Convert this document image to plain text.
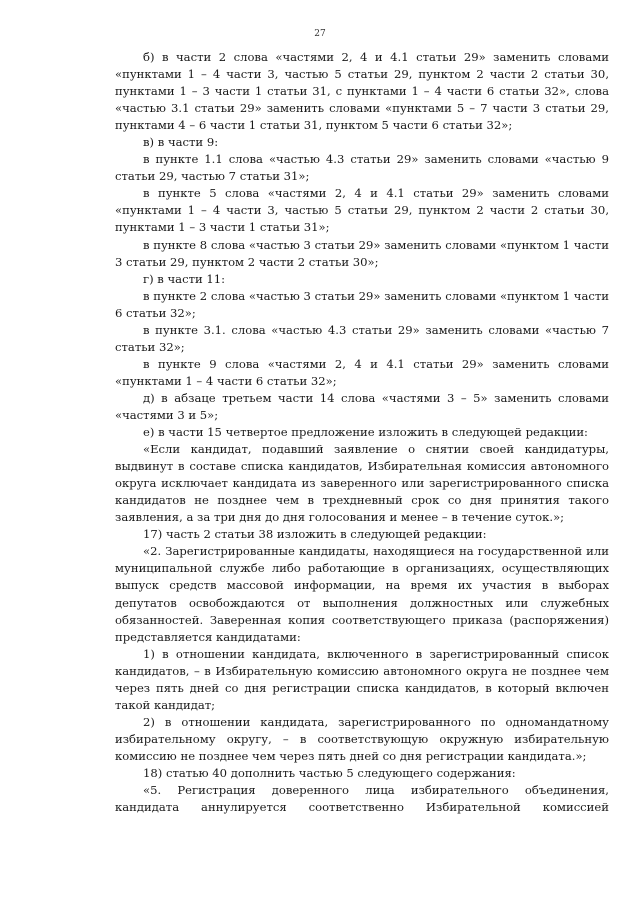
27

б) в части 2 слова «частями 2, 4 и 4.1 статьи 29» заменить словами «пунктами 1 – 4 части 3, частью 5 статьи 29, пунктом 2 части 2 статьи 30, пунктами 1 – 3 части 1 статьи 31, с пунктами 1 – 4 части 6 статьи 32», слова «частью 3.1 статьи 29» заменить словами «пунктами 5 – 7 части 3 статьи 29, пунктами 4 – 6 части 1 статьи 31, пунктом 5 части 6 статьи 32»;

в) в части 9:

в пункте 1.1 слова «частью 4.3 статьи 29» заменить словами «частью 9 статьи 29, частью 7 статьи 31»;

в пункте 5 слова «частями 2, 4 и 4.1 статьи 29» заменить словами «пунктами 1 – 4 части 3, частью 5 статьи 29, пунктом 2 части 2 статьи 30, пунктами 1 – 3 части 1 статьи 31»;

в пункте 8 слова «частью 3 статьи 29» заменить словами «пунктом 1 части 3 статьи 29, пунктом 2 части 2 статьи 30»;

г) в части 11:

в пункте 2 слова «частью 3 статьи 29» заменить словами «пунктом 1 части 6 статьи 32»;

в пункте 3.1. слова «частью 4.3 статьи 29» заменить словами «частью 7 статьи 32»;

в пункте 9 слова «частями 2, 4 и 4.1 статьи 29» заменить словами «пунктами 1 – 4 части 6 статьи 32»;

д) в абзаце третьем части 14 слова «частями 3 – 5» заменить словами «частями 3 и 5»;

е) в части 15 четвертое предложение изложить в следующей редакции:

«Если кандидат, подавший заявление о снятии своей кандидатуры, выдвинут в составе списка кандидатов, Избирательная комиссия автономного округа исключает кандидата из заверенного или зарегистрированного списка кандидатов не позднее чем в трехдневный срок со дня принятия такого заявления, а за три дня до дня голосования и менее – в течение суток.»;

17) часть 2 статьи 38 изложить в следующей редакции:

«2. Зарегистрированные кандидаты, находящиеся на государственной или муниципальной службе либо работающие в организациях, осуществляющих выпуск средств массовой информации, на время их участия в выборах депутатов освобождаются от выполнения должностных или служебных обязанностей. Заверенная копия соответствующего приказа (распоряжения) представляется кандидатами:

1) в отношении кандидата, включенного в зарегистрированный список кандидатов, – в Избирательную комиссию автономного округа не позднее чем через пять дней со дня регистрации списка кандидатов, в который включен такой кандидат;

2) в отношении кандидата, зарегистрированного по одномандатному избирательному округу, – в соответствующую окружную избирательную комиссию не позднее чем через пять дней со дня регистрации кандидата.»;

18) статью 40 дополнить частью 5 следующего содержания:

«5. Регистрация доверенного лица избирательного объединения, кандидата аннулируется соответственно Избирательной комиссией
